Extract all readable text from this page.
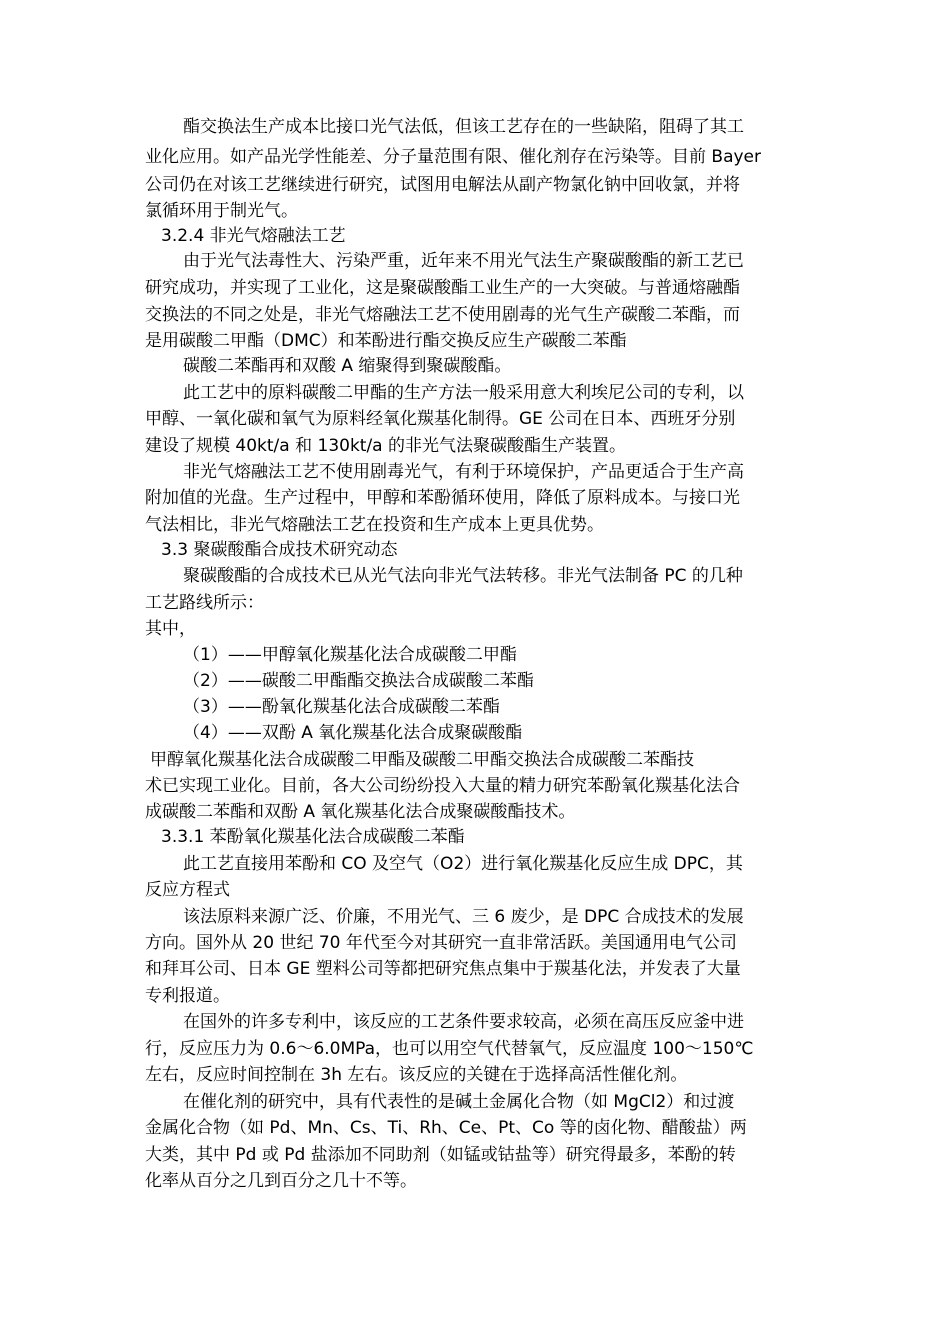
酯交换法生产成本比接口光气法低，但该工艺存在的一些缺陷，阻碍了其工
业化应用。如产品光学性能差、分子量范围有限、催化剂存在污染等。目前 Bayer
公司仍在对该工艺继续进行研究，试图用电解法从副产物氯化钠中回收氯，并将
氯循环用于制光气。
3.2.4 非光气熔融法工艺
由于光气法毒性大、污染严重，近年来不用光气法生产聚碳酸酯的新工艺已
研究成功，并实现了工业化，这是聚碳酸酯工业生产的一大突破。与普通熔融酯
交换法的不同之处是，非光气熔融法工艺不使用剧毒的光气生产碳酸二苯酯，而
是用碳酸二甲酯（DMC）和苯酚进行酯交换反应生产碳酸二苯酯
碳酸二苯酯再和双酸 A 缩聚得到聚碳酸酯。
此工艺中的原料碳酸二甲酯的生产方法一般采用意大利埃尼公司的专利，以
甲醇、一氧化碳和氧气为原料经氧化羰基化制得。GE 公司在日本、西班牙分别
建设了规模 40kt/a 和 130kt/a 的非光气法聚碳酸酯生产装置。
非光气熔融法工艺不使用剧毒光气，有利于环境保护，产品更适合于生产高
附加值的光盘。生产过程中，甲醇和苯酚循环使用，降低了原料成本。与接口光
气法相比，非光气熔融法工艺在投资和生产成本上更具优势。
3.3 聚碳酸酯合成技术研究动态
聚碳酸酯的合成技术已从光气法向非光气法转移。非光气法制备 PC 的几种
工艺路线所示：
其中，
（1）——甲醇氧化羰基化法合成碳酸二甲酯
（2）——碳酸二甲酯酯交换法合成碳酸二苯酯
（3）——酚氧化羰基化法合成碳酸二苯酯
（4）——双酚 A 氧化羰基化法合成聚碳酸酯
甲醇氧化羰基化法合成碳酸二甲酯及碳酸二甲酯交换法合成碳酸二苯酯技
术已实现工业化。目前，各大公司纷纷投入大量的精力研究苯酚氧化羰基化法合
成碳酸二苯酯和双酚 A 氧化羰基化法合成聚碳酸酯技术。
3.3.1 苯酚氧化羰基化法合成碳酸二苯酯
此工艺直接用苯酚和 CO 及空气（O2）进行氧化羰基化反应生成 DPC，其
反应方程式
该法原料来源广泛、价廉，不用光气、三 6 废少，是 DPC 合成技术的发展
方向。国外从 20 世纪 70 年代至今对其研究一直非常活跃。美国通用电气公司
和拜耳公司、日本 GE 塑料公司等都把研究焦点集中于羰基化法，并发表了大量
专利报道。
在国外的许多专利中，该反应的工艺条件要求较高，必须在高压反应釜中进
行，反应压力为 0.6～6.0MPa，也可以用空气代替氧气，反应温度 100～150℃
左右，反应时间控制在 3h 左右。该反应的关键在于选择高活性催化剂。
在催化剂的研究中，具有代表性的是碱土金属化合物（如 MgCl2）和过渡
金属化合物（如 Pd、Mn、Cs、Ti、Rh、Ce、Pt、Co 等的卤化物、醋酸盐）两
大类，其中 Pd 或 Pd 盐添加不同助剂（如锰或钴盐等）研究得最多，苯酚的转
化率从百分之几到百分之几十不等。
